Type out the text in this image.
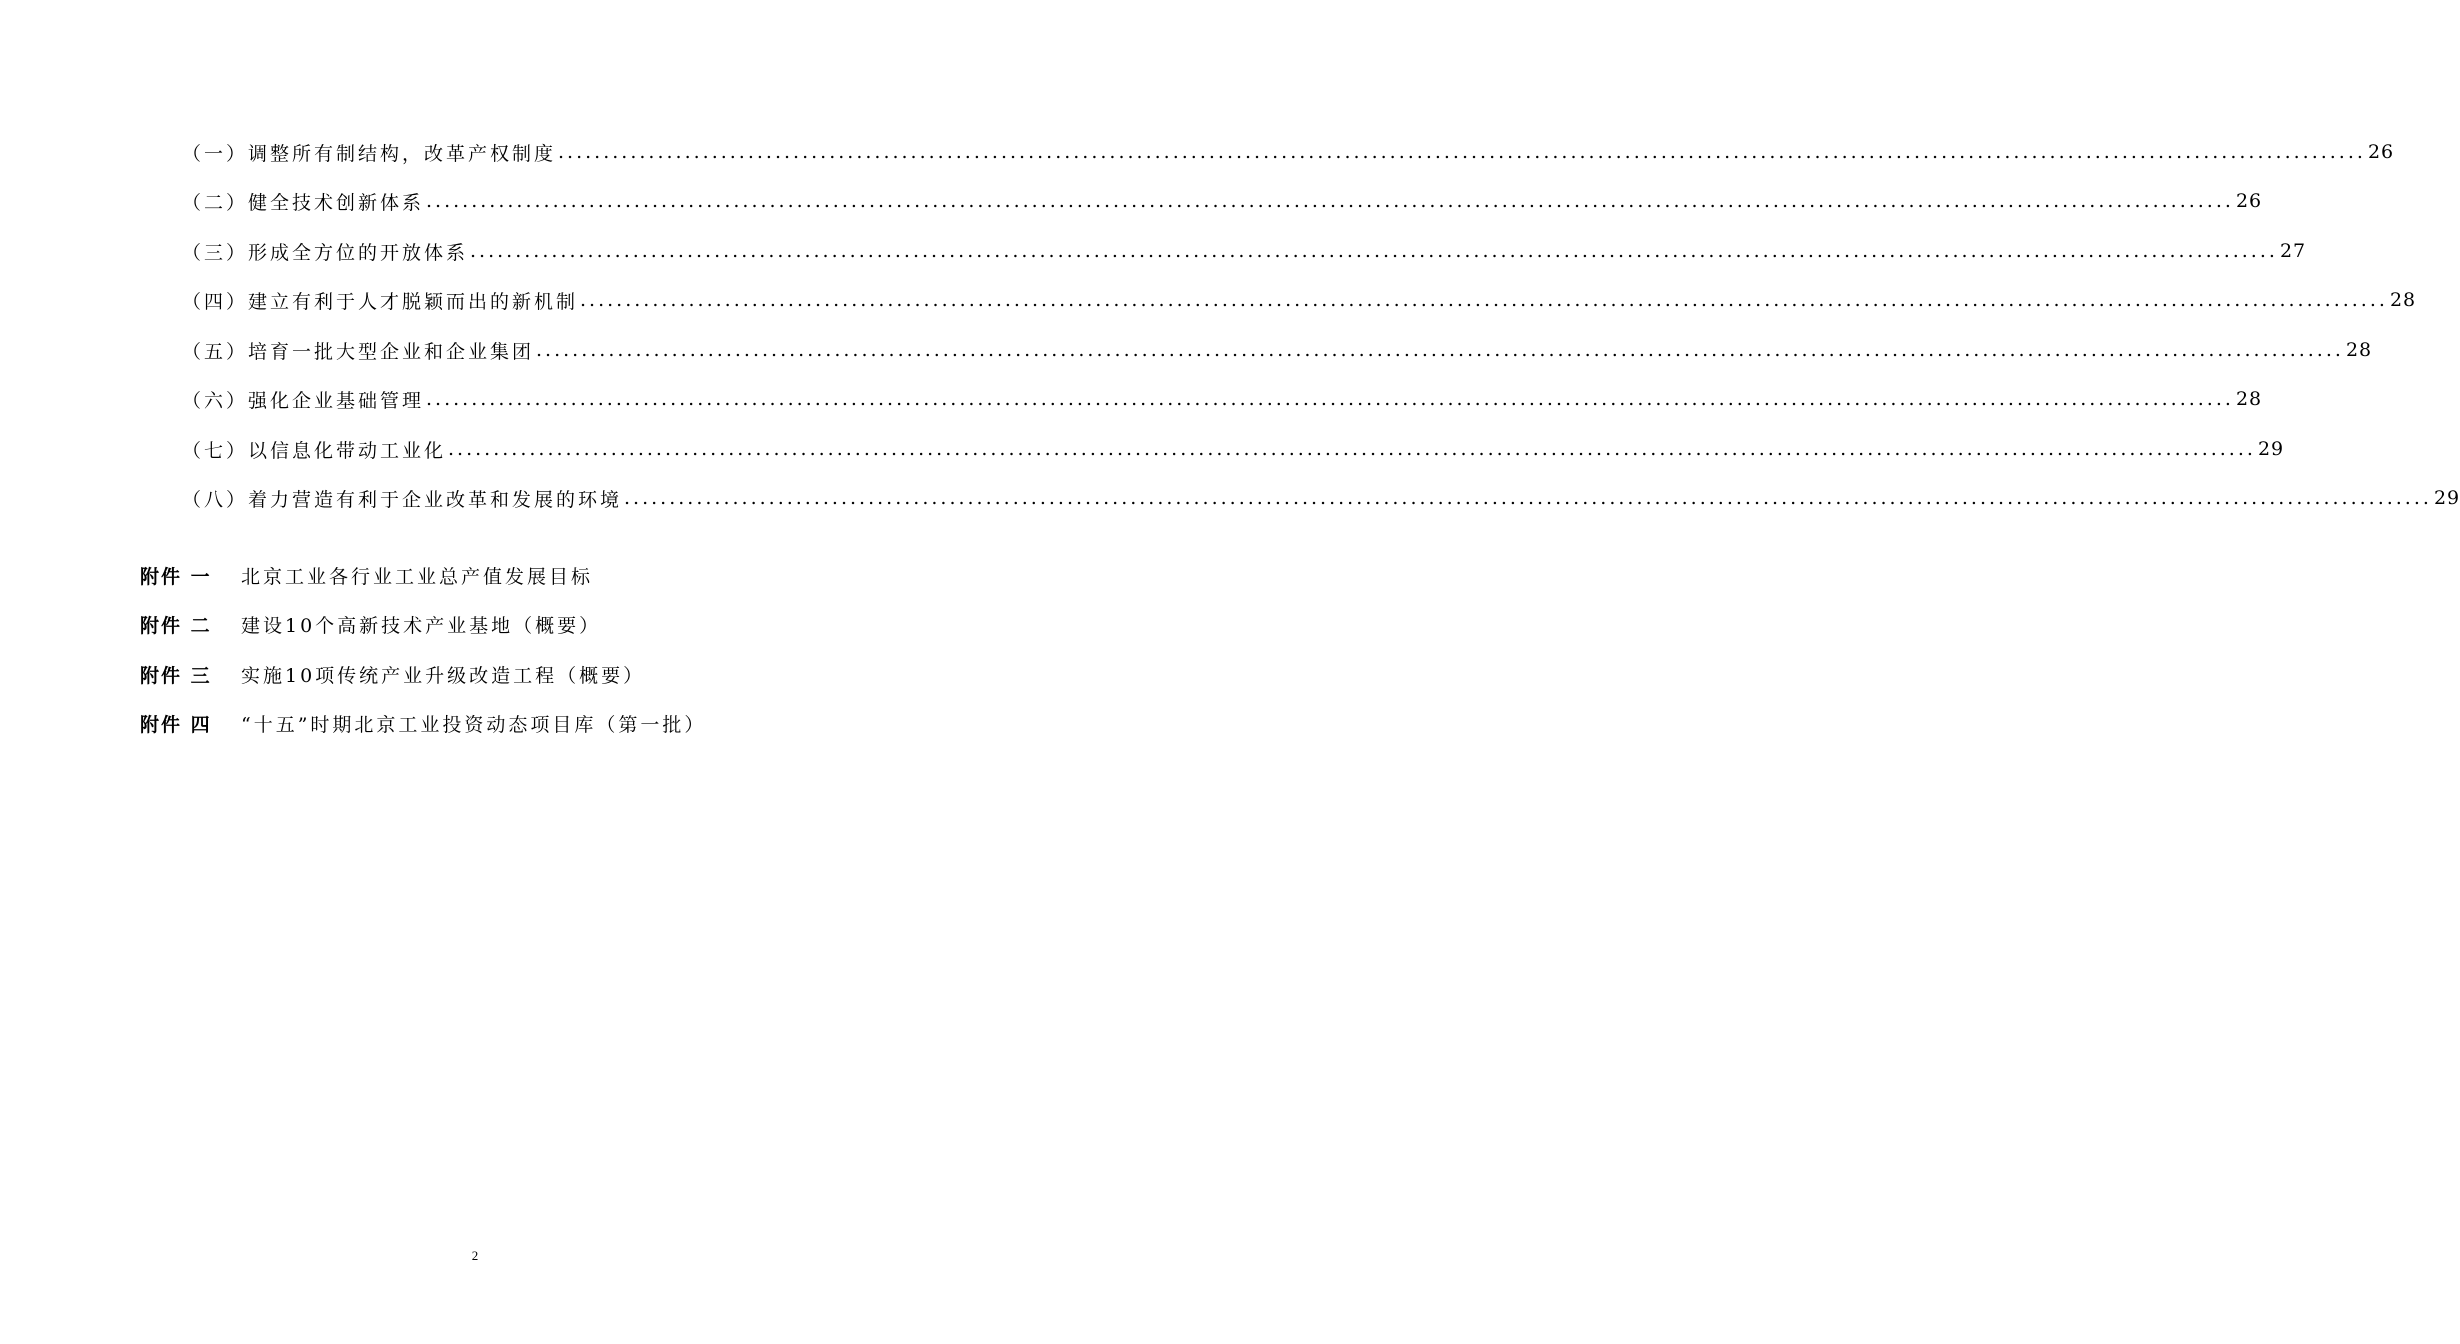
（一）调整所有制结构，改革产权制度 ........................................................................................................................................................................................................ 26
（二）健全技术创新体系 ........................................................................................................................................................................................................ 26
（三）形成全方位的开放体系 ........................................................................................................................................................................................................ 27
（四）建立有利于人才脱颖而出的新机制 ........................................................................................................................................................................................................ 28
（五）培育一批大型企业和企业集团 ........................................................................................................................................................................................................ 28
（六）强化企业基础管理 ........................................................................................................................................................................................................ 28
（七）以信息化带动工业化 ........................................................................................................................................................................................................ 29
（八）着力营造有利于企业改革和发展的环境 ........................................................................................................................................................................................................ 29
附件 一	北京工业各行业工业总产值发展目标
附件 二	建设10个高新技术产业基地（概要）
附件 三	实施10项传统产业升级改造工程（概要）
附件 四	“十五”时期北京工业投资动态项目库（第一批）
2
